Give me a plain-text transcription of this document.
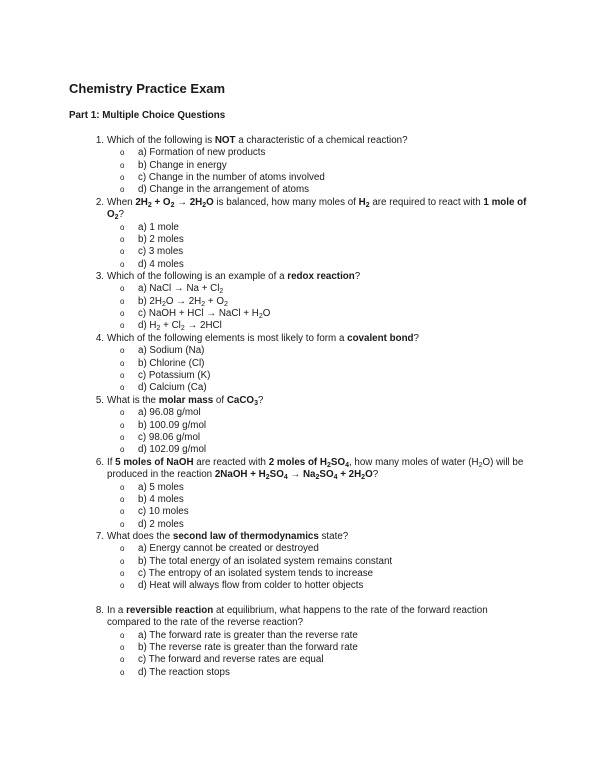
Chemistry Practice Exam
Part 1: Multiple Choice Questions
1. Which of the following is NOT a characteristic of a chemical reaction?
o a) Formation of new products
o b) Change in energy
o c) Change in the number of atoms involved
o d) Change in the arrangement of atoms
2. When $2H_2 + O_2 \to 2H_2O$ is balanced, how many moles of $H_2$ are required to react with 1 mole of $O_2$?
o a) 1 mole
o b) 2 moles
o c) 3 moles
o d) 4 moles
3. Which of the following is an example of a redox reaction?
o a) NaCl → $Na + Cl_2$
o b) $2H_2O \to 2H_2 + O_2$
o c) NaOH + HCl → NaCl + $H_2O$
o d) $H_2 + Cl_2 \to 2HCl$
4. Which of the following elements is most likely to form a covalent bond?
o a) Sodium (Na)
o b) Chlorine (Cl)
o c) Potassium (K)
o d) Calcium (Ca)
5. What is the molar mass of CaCO$_3$?
o a) 96.08 g/mol
o b) 100.09 g/mol
o c) 98.06 g/mol
o d) 102.09 g/mol
6. If 5 moles of NaOH are reacted with 2 moles of $H_2SO_4$, how many moles of water $(H_2O)$ will be produced in the reaction 2NaOH + $H_2SO_4 \to Na_2SO_4 + 2H_2O$?
o a) 5 moles
o b) 4 moles
o c) 10 moles
o d) 2 moles
7. What does the second law of thermodynamics state?
o a) Energy cannot be created or destroyed
o b) The total energy of an isolated system remains constant
o c) The entropy of an isolated system tends to increase
o d) Heat will always flow from colder to hotter objects
8. In a reversible reaction at equilibrium, what happens to the rate of the forward reaction compared to the rate of the reverse reaction?
o a) The forward rate is greater than the reverse rate
o b) The reverse rate is greater than the forward rate
o c) The forward and reverse rates are equal
o d) The reaction stops
